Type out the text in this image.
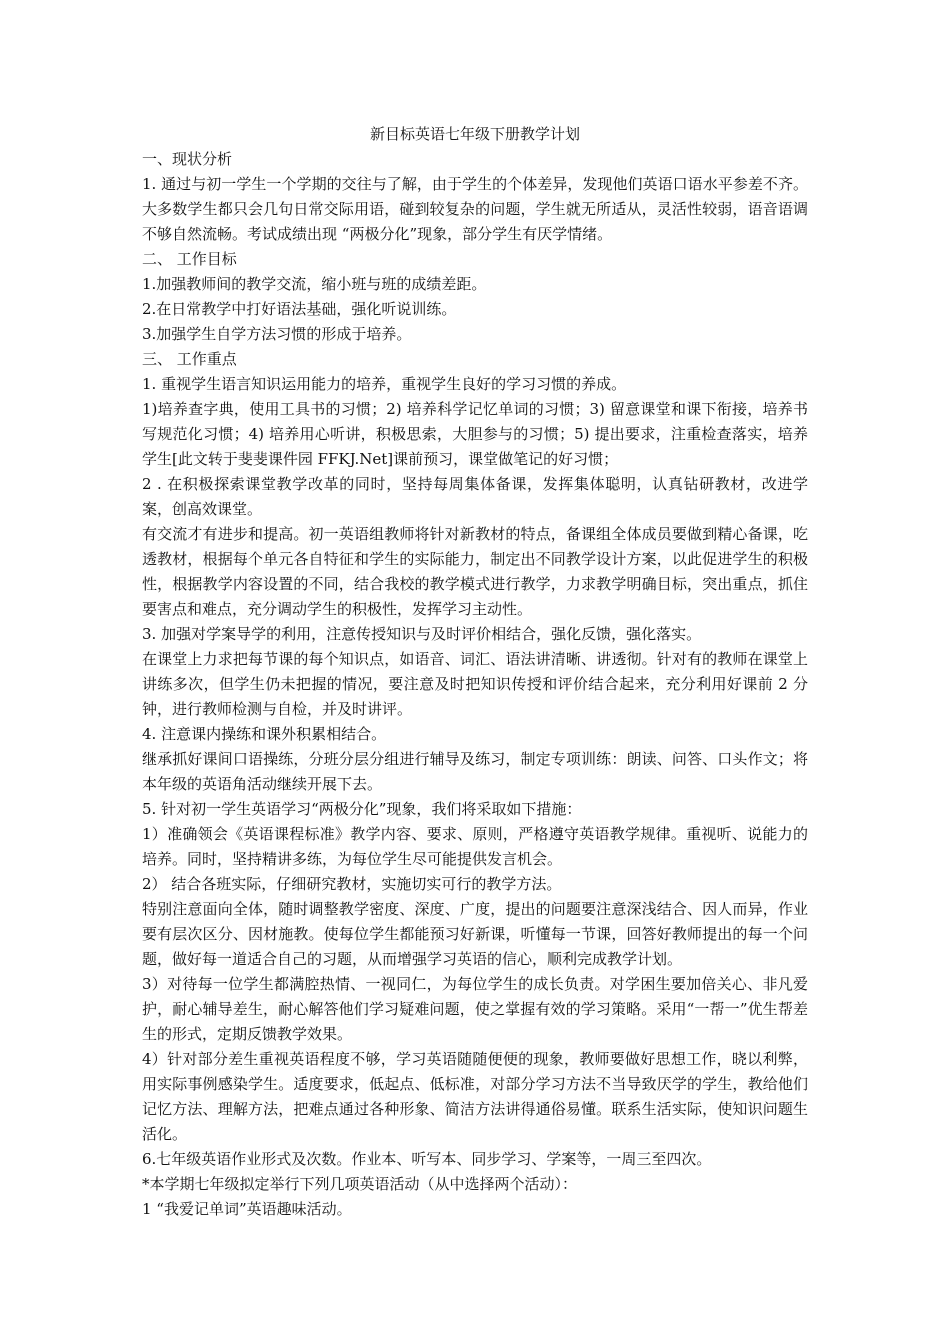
新目标英语七年级下册教学计划

一、现状分析

1. 通过与初一学生一个学期的交往与了解，由于学生的个体差异，发现他们英语口语水平参差不齐。大多数学生都只会几句日常交际用语，碰到较复杂的问题，学生就无所适从，灵活性较弱，语音语调不够自然流畅。考试成绩出现 “两极分化”现象，部分学生有厌学情绪。

二、 工作目标

1.加强教师间的教学交流，缩小班与班的成绩差距。

2.在日常教学中打好语法基础，强化听说训练。

3.加强学生自学方法习惯的形成于培养。

三、 工作重点

1. 重视学生语言知识运用能力的培养，重视学生良好的学习习惯的养成。

1)培养查字典，使用工具书的习惯；2) 培养科学记忆单词的习惯；3) 留意课堂和课下衔接，培养书写规范化习惯；4) 培养用心听讲，积极思索，大胆参与的习惯；5) 提出要求，注重检查落实，培养学生[此文转于斐斐课件园 FFKJ.Net]课前预习，课堂做笔记的好习惯；

2 . 在积极探索课堂教学改革的同时，坚持每周集体备课，发挥集体聪明，认真钻研教材，改进学案，创高效课堂。

有交流才有进步和提高。初一英语组教师将针对新教材的特点，备课组全体成员要做到精心备课，吃透教材，根据每个单元各自特征和学生的实际能力，制定出不同教学设计方案，以此促进学生的积极性，根据教学内容设置的不同，结合我校的教学模式进行教学，力求教学明确目标，突出重点，抓住要害点和难点，充分调动学生的积极性，发挥学习主动性。

3. 加强对学案导学的利用，注意传授知识与及时评价相结合，强化反馈，强化落实。

在课堂上力求把每节课的每个知识点，如语音、词汇、语法讲清晰、讲透彻。针对有的教师在课堂上讲练多次，但学生仍未把握的情况，要注意及时把知识传授和评价结合起来，充分利用好课前 2 分钟，进行教师检测与自检，并及时讲评。

4. 注意课内操练和课外积累相结合。

继承抓好课间口语操练，分班分层分组进行辅导及练习，制定专项训练：朗读、问答、口头作文；将本年级的英语角活动继续开展下去。

5. 针对初一学生英语学习“两极分化”现象，我们将采取如下措施：

1）准确领会《英语课程标准》教学内容、要求、原则，严格遵守英语教学规律。重视听、说能力的培养。同时，坚持精讲多练，为每位学生尽可能提供发言机会。

2） 结合各班实际，仔细研究教材，实施切实可行的教学方法。

特别注意面向全体，随时调整教学密度、深度、广度，提出的问题要注意深浅结合、因人而异，作业要有层次区分、因材施教。使每位学生都能预习好新课，听懂每一节课，回答好教师提出的每一个问题，做好每一道适合自己的习题，从而增强学习英语的信心，顺利完成教学计划。

3）对待每一位学生都满腔热情、一视同仁，为每位学生的成长负责。对学困生要加倍关心、非凡爱护，耐心辅导差生，耐心解答他们学习疑难问题，使之掌握有效的学习策略。采用“一帮一”优生帮差生的形式，定期反馈教学效果。

4）针对部分差生重视英语程度不够，学习英语随随便便的现象，教师要做好思想工作，晓以利弊，用实际事例感染学生。适度要求，低起点、低标准，对部分学习方法不当导致厌学的学生，教给他们记忆方法、理解方法，把难点通过各种形象、简洁方法讲得通俗易懂。联系生活实际，使知识问题生活化。

6.七年级英语作业形式及次数。作业本、听写本、同步学习、学案等，一周三至四次。

*本学期七年级拟定举行下列几项英语活动（从中选择两个活动）：

1 “我爱记单词”英语趣味活动。
